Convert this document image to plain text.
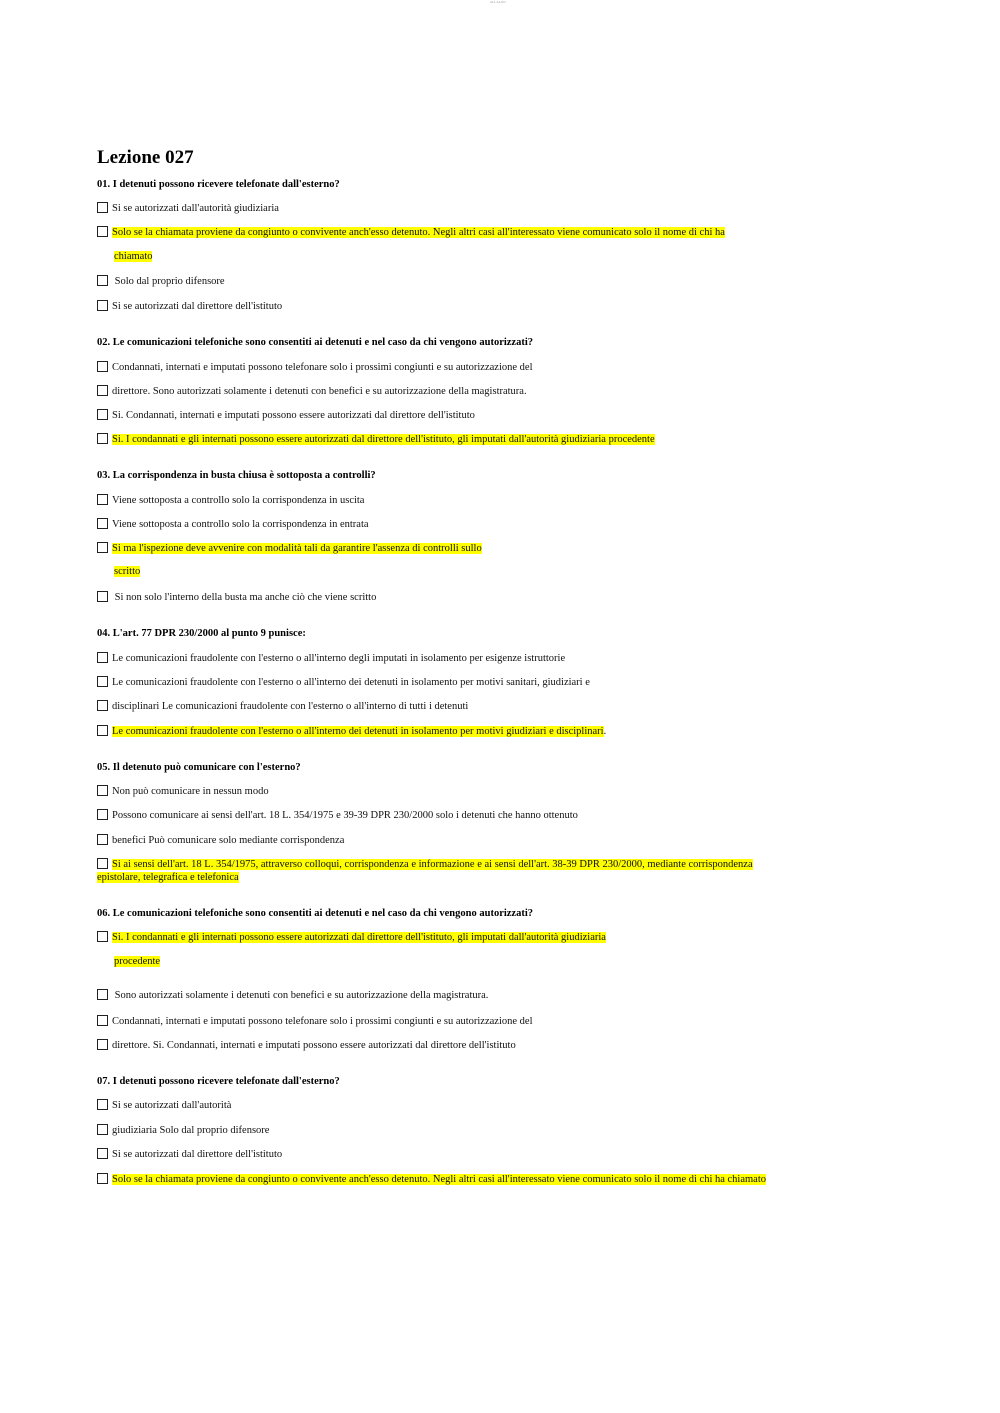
ALL.SA.NN
Lezione 027
01. I detenuti possono ricevere telefonate dall'esterno?
Si se autorizzati dall'autorità giudiziaria
Solo se la chiamata proviene da congiunto o convivente anch'esso detenuto. Negli altri casi all'interessato viene comunicato solo il nome di chi ha
chiamato
Solo dal proprio difensore
Si se autorizzati dal direttore dell'istituto
02. Le comunicazioni telefoniche sono consentiti ai detenuti e nel caso da chi vengono autorizzati?
Condannati, internati e imputati possono telefonare solo i prossimi congiunti e su autorizzazione del
direttore. Sono autorizzati solamente i detenuti con benefici e su autorizzazione della magistratura.
Si. Condannati, internati e imputati possono essere autorizzati dal direttore dell'istituto
Si. I condannati e gli internati possono essere autorizzati dal direttore dell'istituto, gli imputati dall'autorità giudiziaria procedente
03. La corrispondenza in busta chiusa è sottoposta a controlli?
Viene sottoposta a controllo solo la corrispondenza in uscita
Viene sottoposta a controllo solo la corrispondenza in entrata
Si ma l'ispezione deve avvenire con modalità tali da garantire l'assenza di controlli sullo
scritto
Si non solo l'interno della busta ma anche ciò che viene scritto
04. L'art. 77 DPR 230/2000 al punto 9 punisce:
Le comunicazioni fraudolente con l'esterno o all'interno degli imputati in isolamento per esigenze istruttorie
Le comunicazioni fraudolente con l'esterno o all'interno dei detenuti in isolamento per motivi sanitari, giudiziari e
disciplinari Le comunicazioni fraudolente con l'esterno o all'interno di tutti i detenuti
Le comunicazioni fraudolente con l'esterno o all'interno dei detenuti in isolamento per motivi giudiziari e disciplinari.
05. Il detenuto può comunicare con l'esterno?
Non può comunicare in nessun modo
Possono comunicare ai sensi dell'art. 18 L. 354/1975 e 39-39 DPR 230/2000 solo i detenuti che hanno ottenuto
benefici Può comunicare solo mediante corrispondenza
Si ai sensi dell'art. 18 L. 354/1975, attraverso colloqui, corrispondenza e informazione e ai sensi dell'art. 38-39 DPR 230/2000, mediante corrispondenza
epistolare, telegrafica e telefonica
06. Le comunicazioni telefoniche sono consentiti ai detenuti e nel caso da chi vengono autorizzati?
Si. I condannati e gli internati possono essere autorizzati dal direttore dell'istituto, gli imputati dall'autorità giudiziaria
procedente
Sono autorizzati solamente i detenuti con benefici e su autorizzazione della magistratura.
Condannati, internati e imputati possono telefonare solo i prossimi congiunti e su autorizzazione del
direttore. Si. Condannati, internati e imputati possono essere autorizzati dal direttore dell'istituto
07. I detenuti possono ricevere telefonate dall'esterno?
Si se autorizzati dall'autorità
giudiziaria Solo dal proprio difensore
Si se autorizzati dal direttore dell'istituto
Solo se la chiamata proviene da congiunto o convivente anch'esso detenuto. Negli altri casi all'interessato viene comunicato solo il nome di chi ha chiamato
